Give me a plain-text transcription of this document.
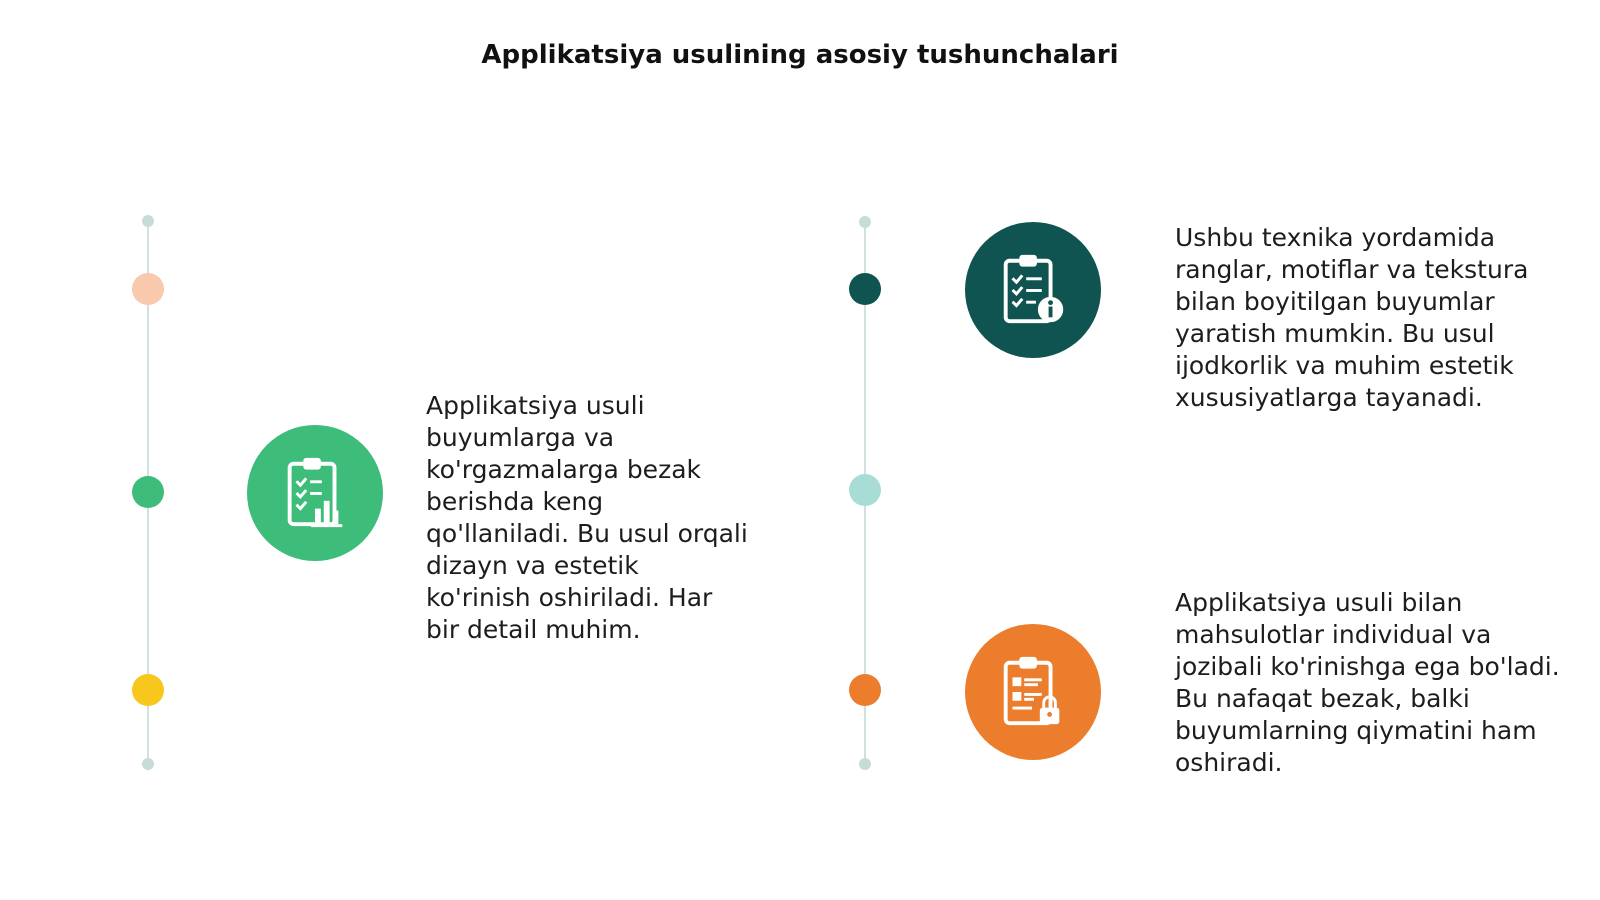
Applikatsiya usulining asosiy tushunchalari
Applikatsiya usuli buyumlarga va ko'rgazmalarga bezak berishda keng qo'llaniladi. Bu usul orqali dizayn va estetik ko'rinish oshiriladi. Har bir detail muhim.
Ushbu texnika yordamida ranglar, motiflar va tekstura bilan boyitilgan buyumlar yaratish mumkin. Bu usul ijodkorlik va muhim estetik xususiyatlarga tayanadi.
Applikatsiya usuli bilan mahsulotlar individual va jozibali ko'rinishga ega bo'ladi. Bu nafaqat bezak, balki buyumlarning qiymatini ham oshiradi.
